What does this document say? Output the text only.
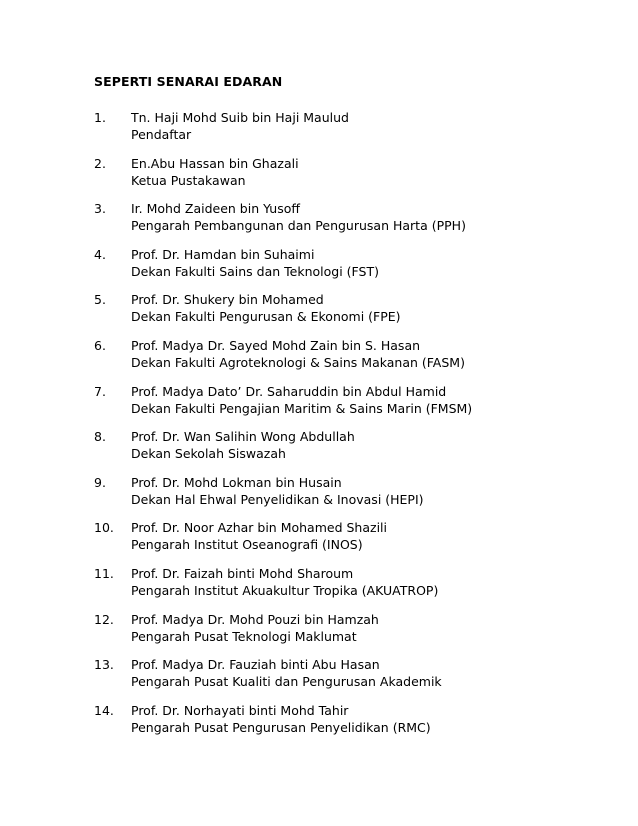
SEPERTI SENARAI EDARAN
1. Tn. Haji Mohd Suib bin Haji Maulud
Pendaftar
2. En.Abu Hassan bin Ghazali
Ketua Pustakawan
3. Ir. Mohd Zaideen bin Yusoff
Pengarah Pembangunan dan Pengurusan Harta (PPH)
4. Prof. Dr. Hamdan bin Suhaimi
Dekan Fakulti Sains dan Teknologi (FST)
5. Prof. Dr. Shukery bin Mohamed
Dekan Fakulti Pengurusan & Ekonomi (FPE)
6. Prof. Madya Dr. Sayed Mohd Zain bin S. Hasan
Dekan Fakulti Agroteknologi & Sains Makanan (FASM)
7. Prof. Madya Dato’ Dr. Saharuddin bin Abdul Hamid
Dekan Fakulti Pengajian Maritim & Sains Marin (FMSM)
8. Prof. Dr. Wan Salihin Wong Abdullah
Dekan Sekolah Siswazah
9. Prof. Dr. Mohd Lokman bin Husain
Dekan Hal Ehwal Penyelidikan & Inovasi (HEPI)
10. Prof. Dr. Noor Azhar bin Mohamed Shazili
Pengarah Institut Oseanografi (INOS)
11. Prof. Dr. Faizah binti Mohd Sharoum
Pengarah Institut Akuakultur Tropika (AKUATROP)
12. Prof. Madya Dr. Mohd Pouzi bin Hamzah
Pengarah Pusat Teknologi Maklumat
13. Prof. Madya Dr. Fauziah binti Abu Hasan
Pengarah Pusat Kualiti dan Pengurusan Akademik
14. Prof. Dr. Norhayati binti Mohd Tahir
Pengarah Pusat Pengurusan Penyelidikan (RMC)
